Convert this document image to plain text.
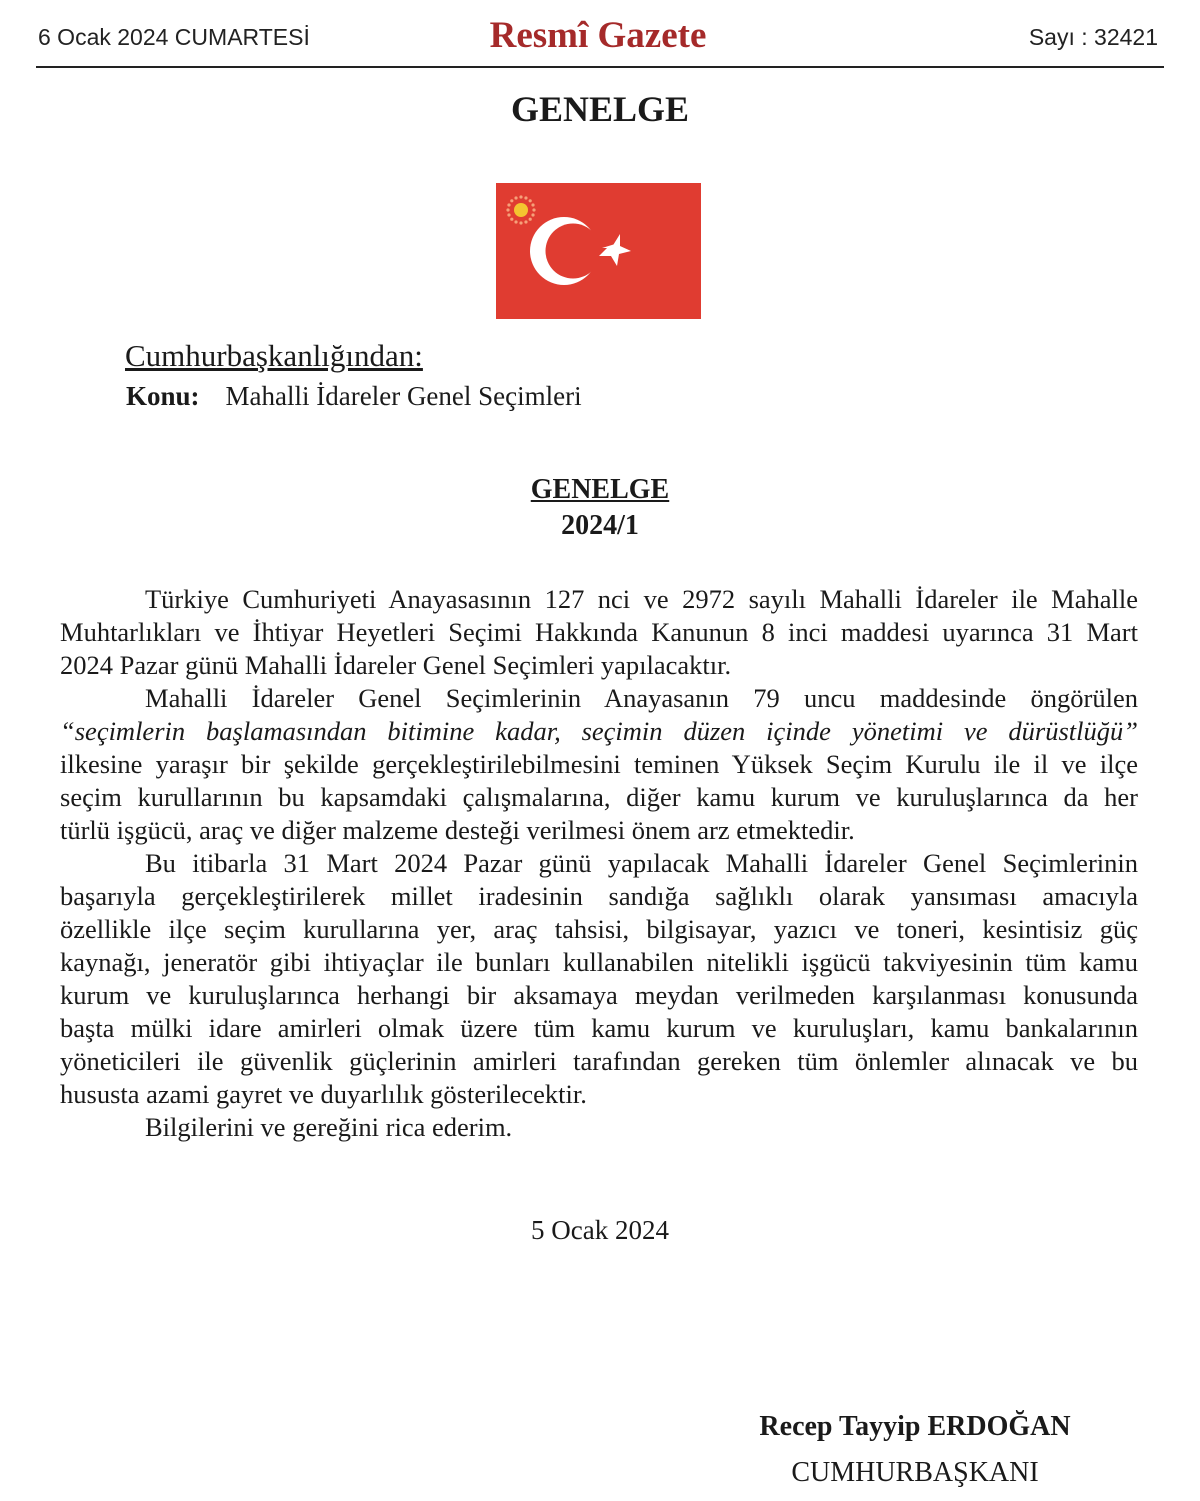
6 Ocak 2024 CUMARTESİ	Resmî Gazete	Sayı : 32421
GENELGE
Cumhurbaşkanlığından:
Konu: Mahalli İdareler Genel Seçimleri
GENELGE
2024/1
Türkiye Cumhuriyeti Anayasasının 127 nci ve 2972 sayılı Mahalli İdareler ile Mahalle
Muhtarlıkları ve İhtiyar Heyetleri Seçimi Hakkında Kanunun 8 inci maddesi uyarınca 31 Mart
2024 Pazar günü Mahalli İdareler Genel Seçimleri yapılacaktır.
Mahalli İdareler Genel Seçimlerinin Anayasanın 79 uncu maddesinde öngörülen
“seçimlerin başlamasından bitimine kadar, seçimin düzen içinde yönetimi ve dürüstlüğü”
ilkesine yaraşır bir şekilde gerçekleştirilebilmesini teminen Yüksek Seçim Kurulu ile il ve ilçe
seçim kurullarının bu kapsamdaki çalışmalarına, diğer kamu kurum ve kuruluşlarınca da her
türlü işgücü, araç ve diğer malzeme desteği verilmesi önem arz etmektedir.
Bu itibarla 31 Mart 2024 Pazar günü yapılacak Mahalli İdareler Genel Seçimlerinin
başarıyla gerçekleştirilerek millet iradesinin sandığa sağlıklı olarak yansıması amacıyla
özellikle ilçe seçim kurullarına yer, araç tahsisi, bilgisayar, yazıcı ve toneri, kesintisiz güç
kaynağı, jeneratör gibi ihtiyaçlar ile bunları kullanabilen nitelikli işgücü takviyesinin tüm kamu
kurum ve kuruluşlarınca herhangi bir aksamaya meydan verilmeden karşılanması konusunda
başta mülki idare amirleri olmak üzere tüm kamu kurum ve kuruluşları, kamu bankalarının
yöneticileri ile güvenlik güçlerinin amirleri tarafından gereken tüm önlemler alınacak ve bu
hususta azami gayret ve duyarlılık gösterilecektir.
Bilgilerini ve gereğini rica ederim.
5 Ocak 2024
Recep Tayyip ERDOĞAN
CUMHURBAŞKANI
